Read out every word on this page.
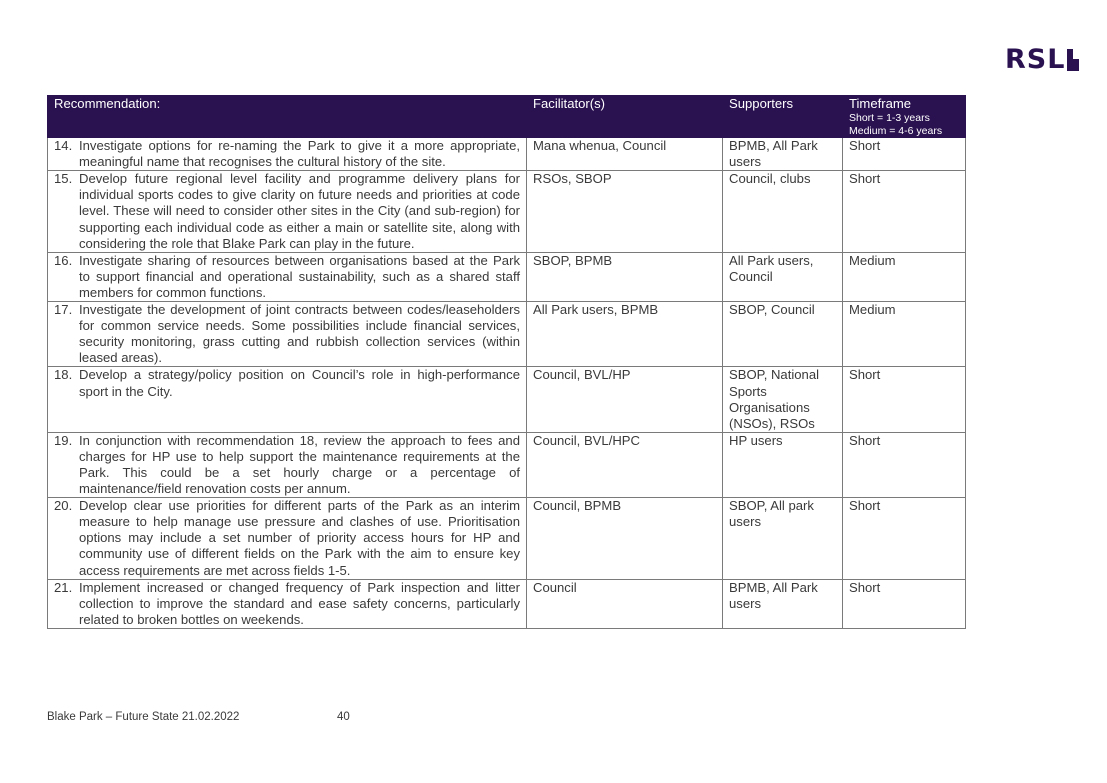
RSL
Recommendation:	Facilitator(s)	Supporters	Timeframe
Short = 1-3 years
Medium = 4-6 years

14. Investigate options for re-naming the Park to give it a more appropriate, meaningful name that recognises the cultural history of the site.	Mana whenua, Council	BPMB, All Park users	Short

15. Develop future regional level facility and programme delivery plans for individual sports codes to give clarity on future needs and priorities at code level. These will need to consider other sites in the City (and sub-region) for supporting each individual code as either a main or satellite site, along with considering the role that Blake Park can play in the future.	RSOs, SBOP	Council, clubs	Short

16. Investigate sharing of resources between organisations based at the Park to support financial and operational sustainability, such as a shared staff members for common functions.	SBOP, BPMB	All Park users, Council	Medium

17. Investigate the development of joint contracts between codes/leaseholders for common service needs. Some possibilities include financial services, security monitoring, grass cutting and rubbish collection services (within leased areas).	All Park users, BPMB	SBOP, Council	Medium

18. Develop a strategy/policy position on Council’s role in high-performance sport in the City.	Council, BVL/HP	SBOP, National Sports Organisations (NSOs), RSOs	Short

19. In conjunction with recommendation 18, review the approach to fees and charges for HP use to help support the maintenance requirements at the Park. This could be a set hourly charge or a percentage of maintenance/field renovation costs per annum.	Council, BVL/HPC	HP users	Short

20. Develop clear use priorities for different parts of the Park as an interim measure to help manage use pressure and clashes of use. Prioritisation options may include a set number of priority access hours for HP and community use of different fields on the Park with the aim to ensure key access requirements are met across fields 1-5.	Council, BPMB	SBOP, All park users	Short

21. Implement increased or changed frequency of Park inspection and litter collection to improve the standard and ease safety concerns, particularly related to broken bottles on weekends.	Council	BPMB, All Park users	Short
Blake Park – Future State 21.02.2022	40
